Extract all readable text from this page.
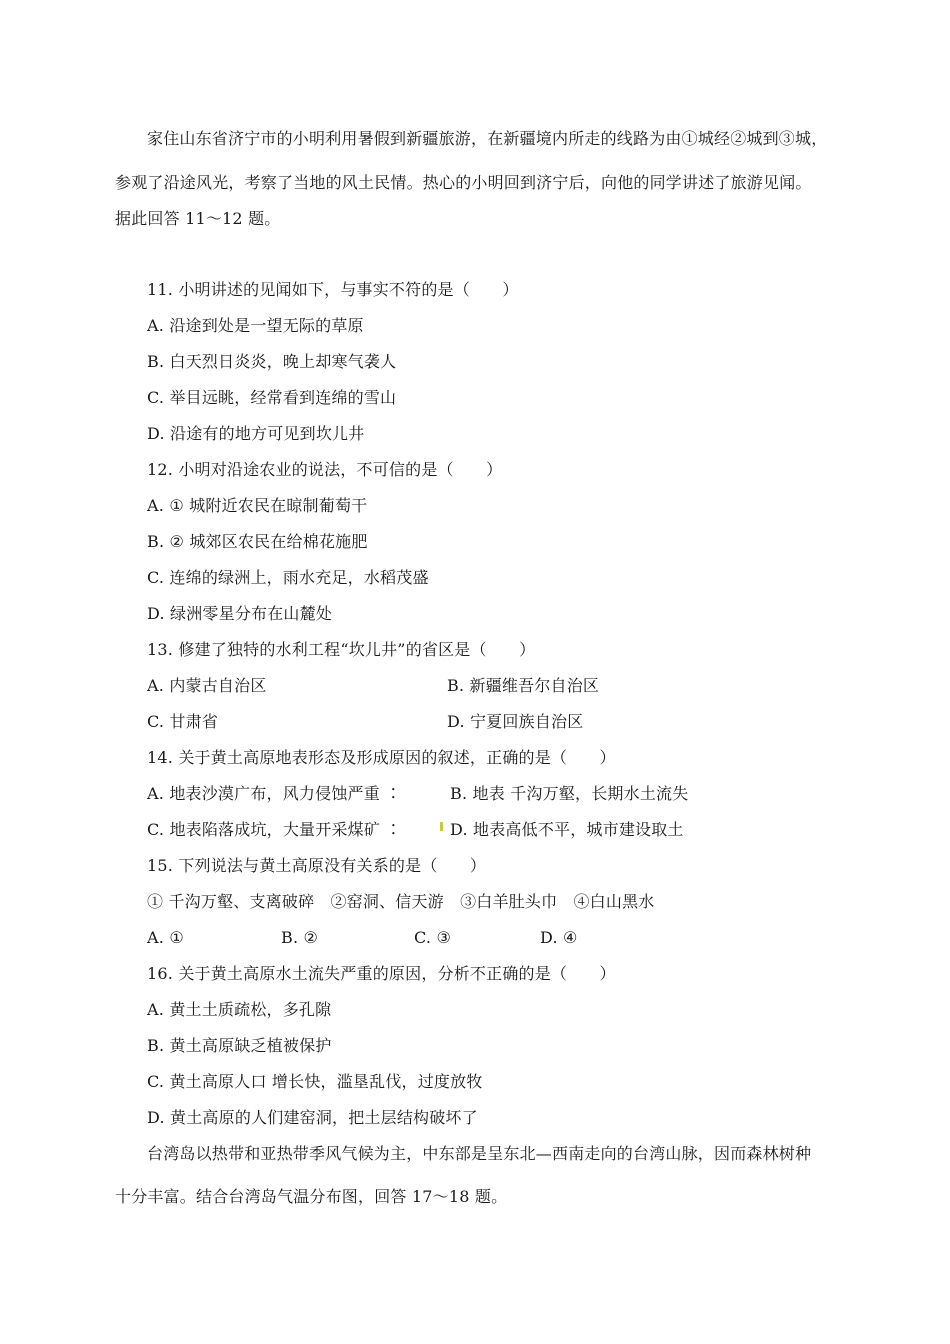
家住山东省济宁市的小明利用暑假到新疆旅游，在新疆境内所走的线路为由①城经②城到③城，
参观了沿途风光，考察了当地的风土民情。热心的小明回到济宁后，向他的同学讲述了旅游见闻。
据此回答 11～12 题。
11. 小明讲述的见闻如下，与事实不符的是（　　）
A. 沿途到处是一望无际的草原
B. 白天烈日炎炎，晚上却寒气袭人
C. 举目远眺，经常看到连绵的雪山
D. 沿途有的地方可见到坎儿井
12. 小明对沿途农业的说法，不可信的是（　　）
A. ① 城附近农民在晾制葡萄干
B. ② 城郊区农民在给棉花施肥
C. 连绵的绿洲上，雨水充足，水稻茂盛
D. 绿洲零星分布在山麓处
13. 修建了独特的水利工程“坎儿井”的省区是（　　）
A. 内蒙古自治区	B. 新疆维吾尔自治区
C. 甘肃省	D. 宁夏回族自治区
14. 关于黄土高原地表形态及形成原因的叙述，正确的是（　　）
A. 地表沙漠广布，风力侵蚀严重 ∶	B. 地表 千沟万壑，长期水土流失
C. 地表陷落成坑，大量开采煤矿 ∶	D. 地表高低不平，城市建设取土
15. 下列说法与黄土高原没有关系的是（　　）
① 千沟万壑、支离破碎　②窑洞、信天游　③白羊肚头巾　④白山黑水
A. ①	B. ②	C. ③	D. ④
16. 关于黄土高原水土流失严重的原因，分析不正确的是（　　）
A. 黄土土质疏松，多孔隙
B. 黄土高原缺乏植被保护
C. 黄土高原人口 增长快，滥垦乱伐，过度放牧
D. 黄土高原的人们建窑洞，把土层结构破坏了
台湾岛以热带和亚热带季风气候为主，中东部是呈东北—西南走向的台湾山脉，因而森林树种
十分丰富。结合台湾岛气温分布图，回答 17～18 题。
